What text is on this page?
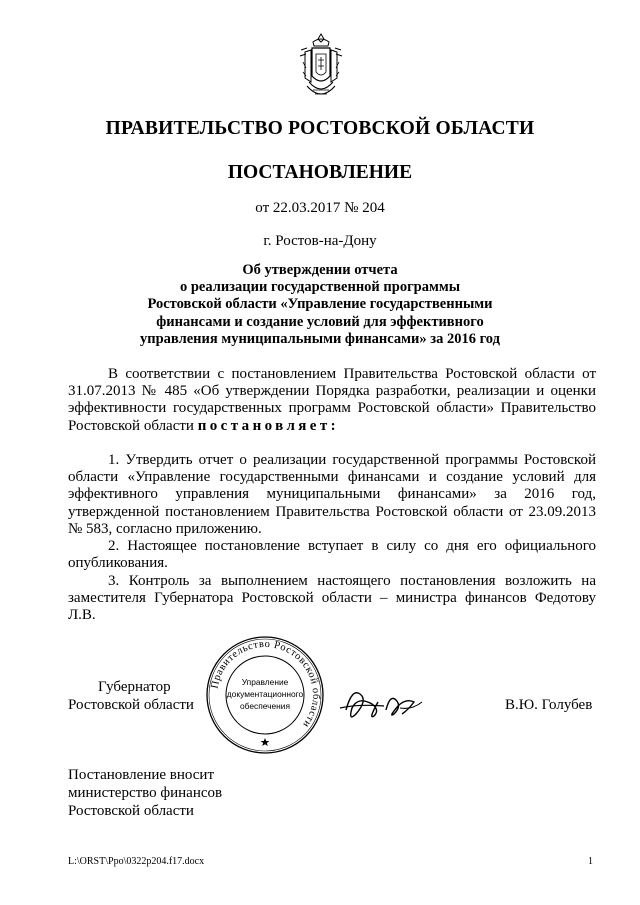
ПРАВИТЕЛЬСТВО РОСТОВСКОЙ ОБЛАСТИ
ПОСТАНОВЛЕНИЕ
от 22.03.2017 № 204
г. Ростов-на-Дону
Об утверждении отчета
о реализации государственной программы
Ростовской области «Управление государственными
финансами и создание условий для эффективного
управления муниципальными финансами» за 2016 год

В соответствии с постановлением Правительства Ростовской области от 31.07.2013 № 485 «Об утверждении Порядка разработки, реализации и оценки эффективности государственных программ Ростовской области» Правительство Ростовской области постановляет:

1. Утвердить отчет о реализации государственной программы Ростовской области «Управление государственными финансами и создание условий для эффективного управления муниципальными финансами» за 2016 год, утвержденной постановлением Правительства Ростовской области от 23.09.2013 № 583, согласно приложению.

2. Настоящее постановление вступает в силу со дня его официального опубликования.

3. Контроль за выполнением настоящего постановления возложить на заместителя Губернатора Ростовской области – министра финансов Федотову Л.В.

Губернатор
Ростовской области
Правительство Ростовской области
Управление
документационного
обеспечения	В.Ю. Голубев
Постановление вносит
министерство финансов
Ростовской области
L:\ORST\Ppo\0322p204.f17.docx	1
